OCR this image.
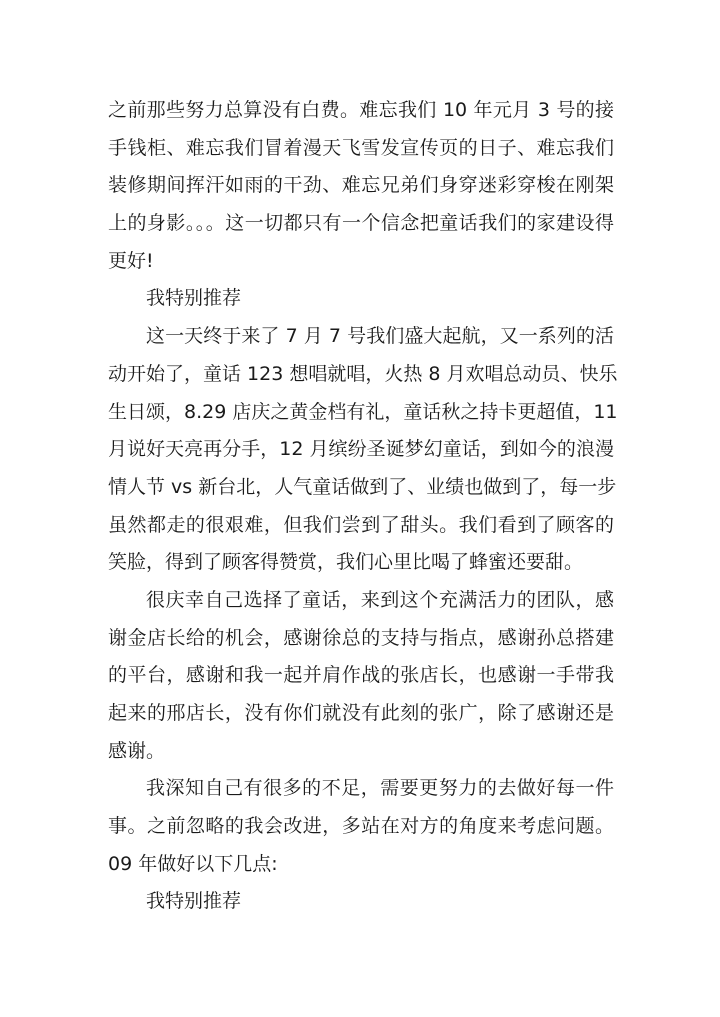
之前那些努力总算没有白费。难忘我们 10 年元月 3 号的接
手钱柜、难忘我们冒着漫天飞雪发宣传页的日子、难忘我们
装修期间挥汗如雨的干劲、难忘兄弟们身穿迷彩穿梭在刚架
上的身影。。。这一切都只有一个信念把童话我们的家建设得
更好!
我特别推荐
这一天终于来了 7 月 7 号我们盛大起航，又一系列的活
动开始了，童话 123 想唱就唱，火热 8 月欢唱总动员、快乐
生日颂，8.29 店庆之黄金档有礼，童话秋之持卡更超值，11
月说好天亮再分手，12 月缤纷圣诞梦幻童话，到如今的浪漫
情人节 vs 新台北，人气童话做到了、业绩也做到了，每一步
虽然都走的很艰难，但我们尝到了甜头。我们看到了顾客的
笑脸，得到了顾客得赞赏，我们心里比喝了蜂蜜还要甜。
很庆幸自己选择了童话，来到这个充满活力的团队，感
谢金店长给的机会，感谢徐总的支持与指点，感谢孙总搭建
的平台，感谢和我一起并肩作战的张店长，也感谢一手带我
起来的邢店长，没有你们就没有此刻的张广，除了感谢还是
感谢。
我深知自己有很多的不足，需要更努力的去做好每一件
事。之前忽略的我会改进，多站在对方的角度来考虑问题。
09 年做好以下几点:
我特别推荐
